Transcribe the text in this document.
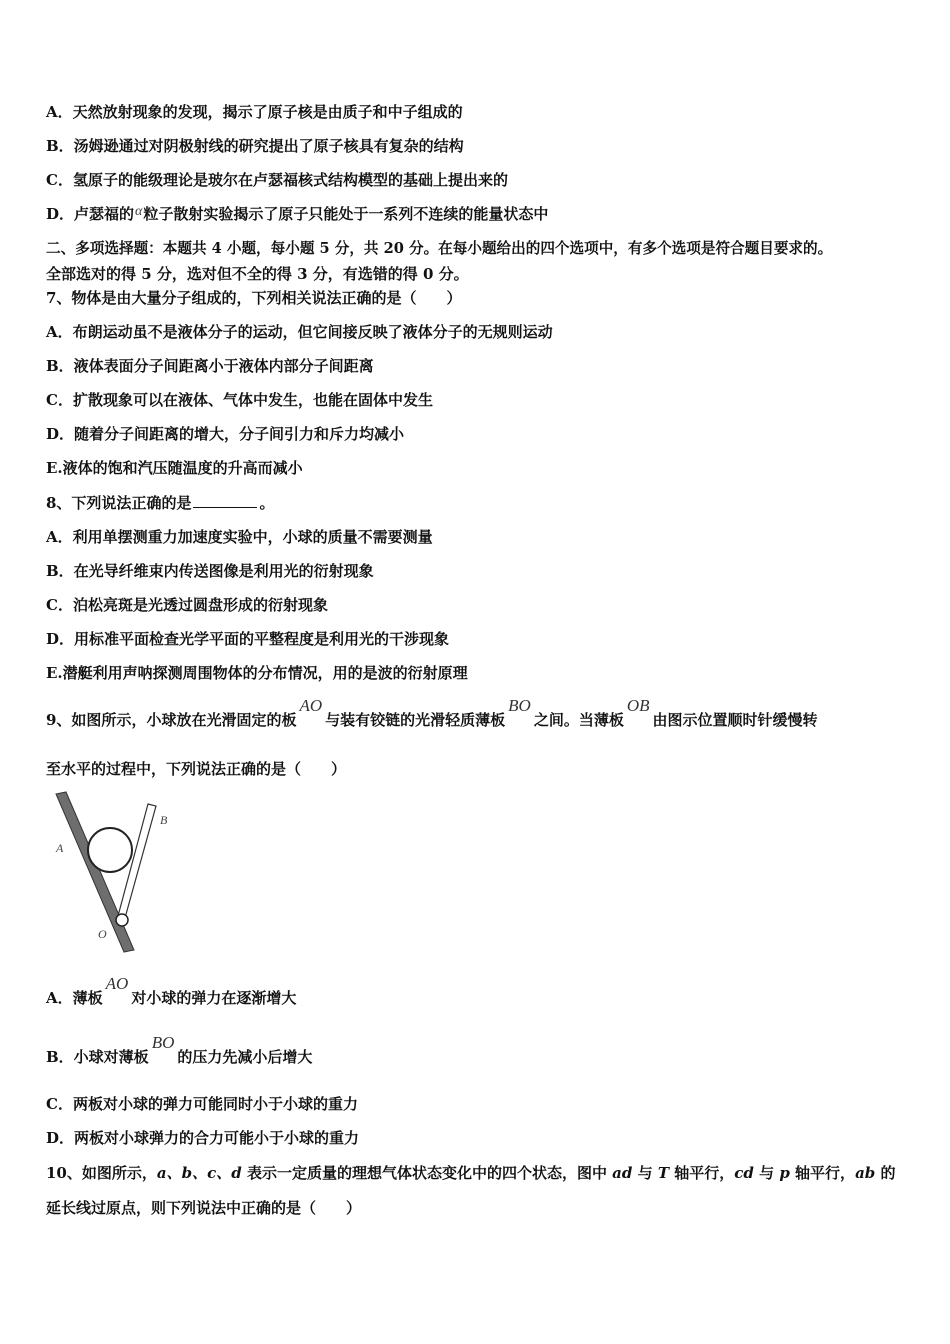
A．天然放射现象的发现，揭示了原子核是由质子和中子组成的
B．汤姆逊通过对阴极射线的研究提出了原子核具有复杂的结构
C．氢原子的能级理论是玻尔在卢瑟福核式结构模型的基础上提出来的
D．卢瑟福的α粒子散射实验揭示了原子只能处于一系列不连续的能量状态中
二、多项选择题：本题共 4 小题，每小题 5 分，共 20 分。在每小题给出的四个选项中，有多个选项是符合题目要求的。
全部选对的得 5 分，选对但不全的得 3 分，有选错的得 0 分。
7、物体是由大量分子组成的，下列相关说法正确的是（　　）
A．布朗运动虽不是液体分子的运动，但它间接反映了液体分子的无规则运动
B．液体表面分子间距离小于液体内部分子间距离
C．扩散现象可以在液体、气体中发生，也能在固体中发生
D．随着分子间距离的增大，分子间引力和斥力均减小
E.液体的饱和汽压随温度的升高而减小
8、下列说法正确的是	。
A．利用单摆测重力加速度实验中，小球的质量不需要测量
B．在光导纤维束内传送图像是利用光的衍射现象
C．泊松亮斑是光透过圆盘形成的衍射现象
D．用标准平面检查光学平面的平整程度是利用光的干涉现象
E.潜艇利用声呐探测周围物体的分布情况，用的是波的衍射原理
9、如图所示，小球放在光滑固定的板AO与装有铰链的光滑轻质薄板BO之间。当薄板OB由图示位置顺时针缓慢转
至水平的过程中，下列说法正确的是（　　）
A
B
O
A．薄板AO对小球的弹力在逐渐增大
B．小球对薄板BO的压力先减小后增大
C．两板对小球的弹力可能同时小于小球的重力
D．两板对小球弹力的合力可能小于小球的重力
10、如图所示，a、b、c、d 表示一定质量的理想气体状态变化中的四个状态，图中 ad 与 T 轴平行，cd 与 p 轴平行，ab 的
延长线过原点，则下列说法中正确的是（　　）
